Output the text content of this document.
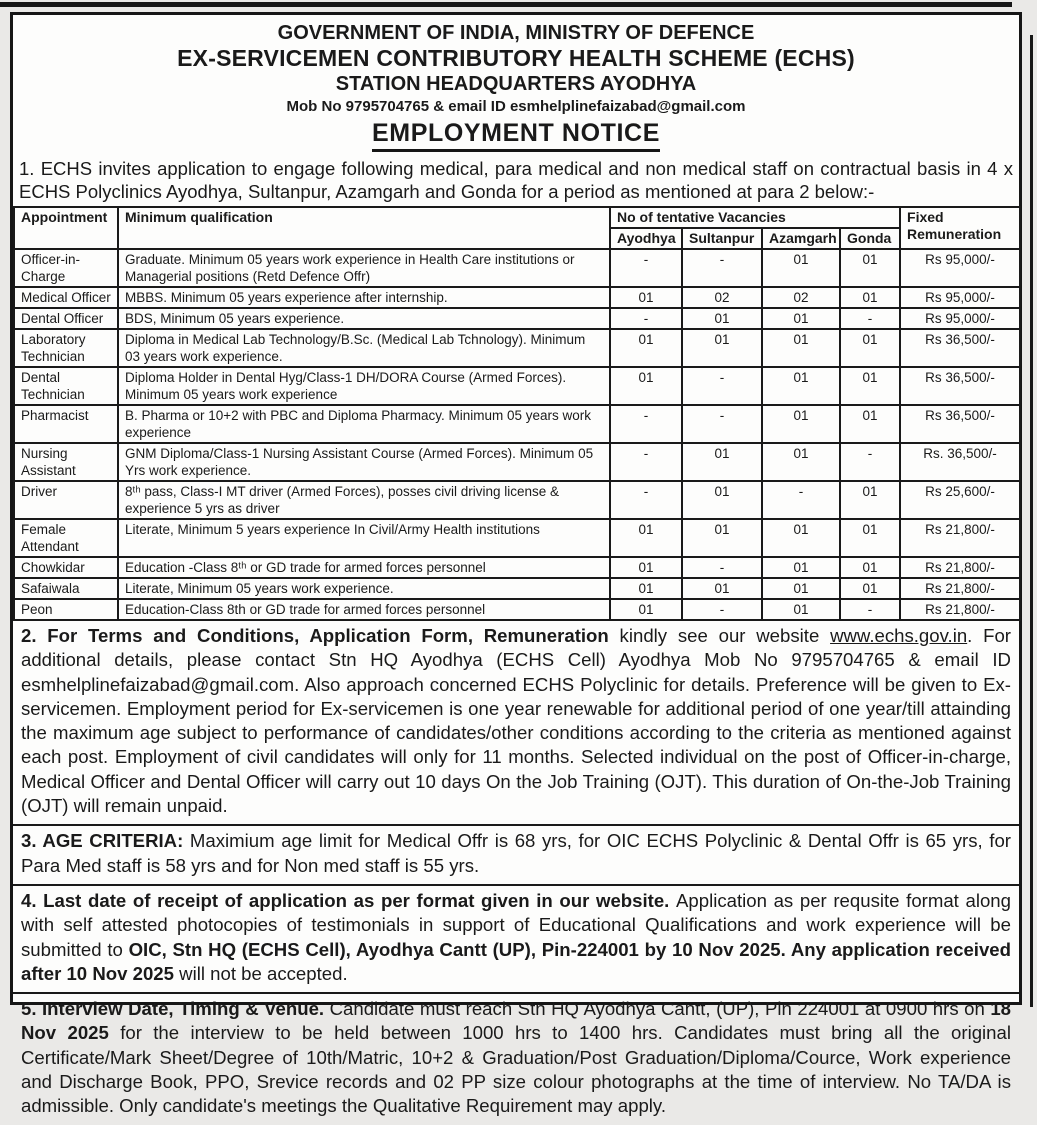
GOVERNMENT OF INDIA, MINISTRY OF DEFENCE
EX-SERVICEMEN CONTRIBUTORY HEALTH SCHEME (ECHS)
STATION HEADQUARTERS AYODHYA
Mob No 9795704765 & email ID esmhelplinefaizabad@gmail.com
EMPLOYMENT NOTICE
1. ECHS invites application to engage following medical, para medical and non medical staff on contractual basis in 4 x ECHS Polyclinics Ayodhya, Sultanpur, Azamgarh and Gonda for a period as mentioned at para 2 below:-
Appointment	Minimum qualification	No of tentative Vacancies				Fixed Remuneration
		Ayodhya	Sultanpur	Azamgarh	Gonda	
Officer-in-Charge	Graduate. Minimum 05 years work experience in Health Care institutions or Managerial positions (Retd Defence Offr)	-	-	01	01	Rs 95,000/-
Medical Officer	MBBS. Minimum 05 years experience after internship.	01	02	02	01	Rs 95,000/-
Dental Officer	BDS, Minimum 05 years experience.	-	01	01	-	Rs 95,000/-
Laboratory Technician	Diploma in Medical Lab Technology/B.Sc. (Medical Lab Tchnology). Minimum 03 years work experience.	01	01	01	01	Rs 36,500/-
Dental Technician	Diploma Holder in Dental Hyg/Class-1 DH/DORA Course (Armed Forces). Minimum 05 years work experience	01	-	01	01	Rs 36,500/-
Pharmacist	B. Pharma or 10+2 with PBC and Diploma Pharmacy. Minimum 05 years work experience	-	-	01	01	Rs 36,500/-
Nursing Assistant	GNM Diploma/Class-1 Nursing Assistant Course (Armed Forces). Minimum 05 Yrs work experience.	-	01	01	-	Rs. 36,500/-
Driver	8ᵗʰ pass, Class-I MT driver (Armed Forces), posses civil driving license & experience 5 yrs as driver	-	01	-	01	Rs 25,600/-
Female Attendant	Literate, Minimum 5 years experience In Civil/Army Health institutions	01	01	01	01	Rs 21,800/-
Chowkidar	Education -Class 8ᵗʰ or GD trade for armed forces personnel	01	-	01	01	Rs 21,800/-
Safaiwala	Literate, Minimum 05 years work experience.	01	01	01	01	Rs 21,800/-
Peon	Education-Class 8th or GD trade for armed forces personnel	01	-	01	-	Rs 21,800/-
2. For Terms and Conditions, Application Form, Remuneration kindly see our website www.echs.gov.in. For additional details, please contact Stn HQ Ayodhya (ECHS Cell) Ayodhya Mob No 9795704765 & email ID esmhelplinefaizabad@gmail.com. Also approach concerned ECHS Polyclinic for details. Preference will be given to Ex-servicemen. Employment period for Ex-servicemen is one year renewable for additional period of one year/till attainding the maximum age subject to performance of candidates/other conditions according to the criteria as mentioned against each post. Employment of civil candidates will only for 11 months. Selected individual on the post of Officer-in-charge, Medical Officer and Dental Officer will carry out 10 days On the Job Training (OJT). This duration of On-the-Job Training (OJT) will remain unpaid.
3. AGE CRITERIA: Maximium age limit for Medical Offr is 68 yrs, for OIC ECHS Polyclinic & Dental Offr is 65 yrs, for Para Med staff is 58 yrs and for Non med staff is 55 yrs.
4. Last date of receipt of application as per format given in our website. Application as per requsite format along with self attested photocopies of testimonials in support of Educational Qualifications and work experience will be submitted to OIC, Stn HQ (ECHS Cell), Ayodhya Cantt (UP), Pin-224001 by 10 Nov 2025. Any application received after 10 Nov 2025 will not be accepted.
5. Interview Date, Timing & Venue. Candidate must reach Stn HQ Ayodhya Cantt, (UP), Pin 224001 at 0900 hrs on 18 Nov 2025 for the interview to be held between 1000 hrs to 1400 hrs. Candidates must bring all the original Certificate/Mark Sheet/Degree of 10th/Matric, 10+2 & Graduation/Post Graduation/Diploma/Cource, Work experience and Discharge Book, PPO, Srevice records and 02 PP size colour photographs at the time of interview. No TA/DA is admissible. Only candidate's meetings the Qualitative Requirement may apply.
